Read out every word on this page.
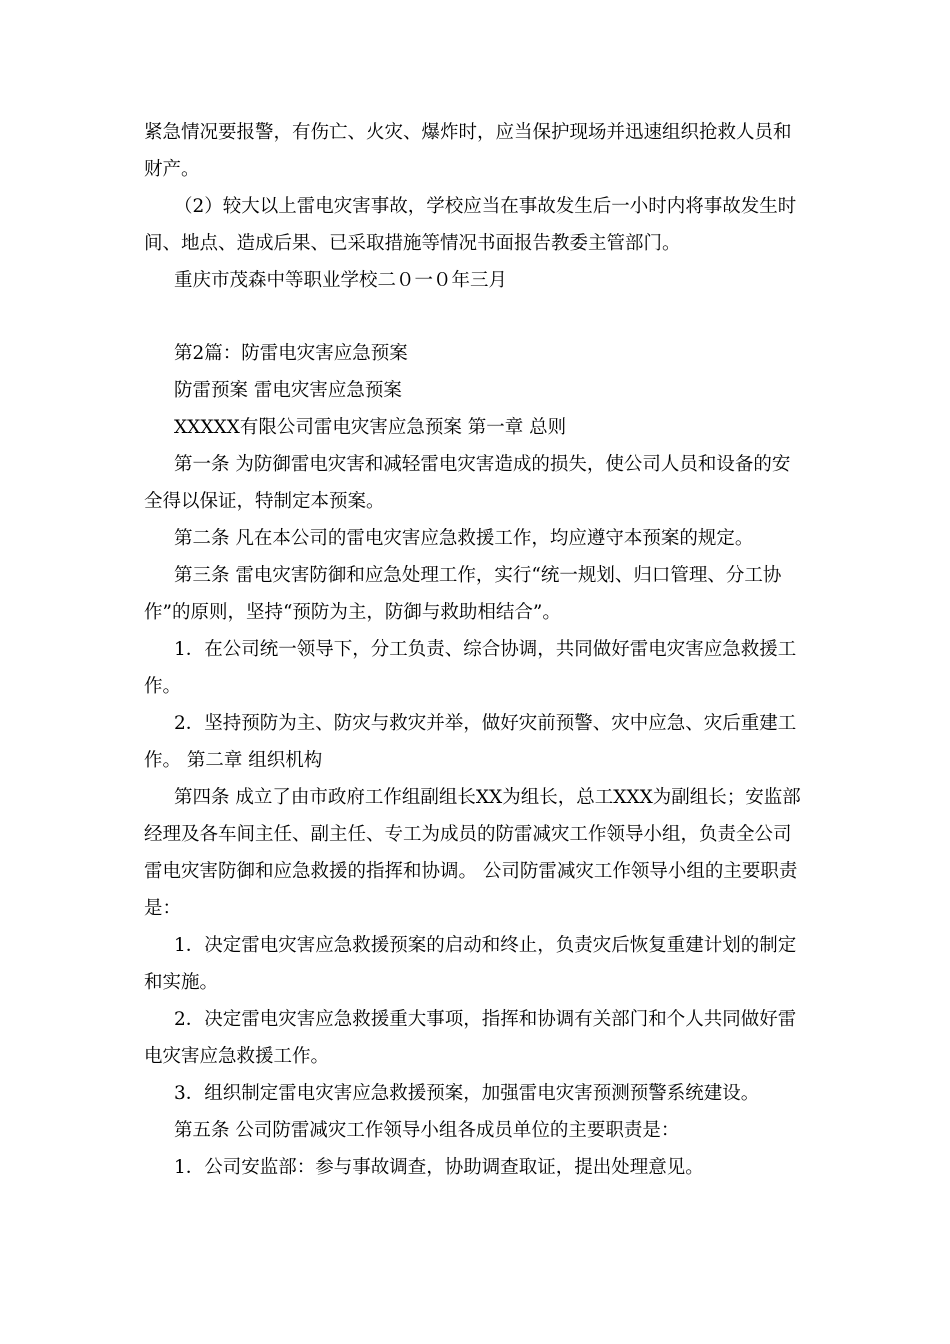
紧急情况要报警，有伤亡、火灾、爆炸时，应当保护现场并迅速组织抢救人员和财产。

（2）较大以上雷电灾害事故，学校应当在事故发生后一小时内将事故发生时间、地点、造成后果、已采取措施等情况书面报告教委主管部门。

重庆市茂森中等职业学校二０一０年三月

第2篇：防雷电灾害应急预案

防雷预案 雷电灾害应急预案

XXXXX有限公司雷电灾害应急预案 第一章 总则

第一条 为防御雷电灾害和减轻雷电灾害造成的损失，使公司人员和设备的安全得以保证，特制定本预案。

第二条 凡在本公司的雷电灾害应急救援工作，均应遵守本预案的规定。

第三条 雷电灾害防御和应急处理工作，实行“统一规划、归口管理、分工协作”的原则，坚持“预防为主，防御与救助相结合”。

1．在公司统一领导下，分工负责、综合协调，共同做好雷电灾害应急救援工作。

2．坚持预防为主、防灾与救灾并举，做好灾前预警、灾中应急、灾后重建工作。 第二章 组织机构

第四条 成立了由市政府工作组副组长XX为组长，总工XXX为副组长；安监部经理及各车间主任、副主任、专工为成员的防雷减灾工作领导小组，负责全公司雷电灾害防御和应急救援的指挥和协调。 公司防雷减灾工作领导小组的主要职责是：

1．决定雷电灾害应急救援预案的启动和终止，负责灾后恢复重建计划的制定和实施。

2．决定雷电灾害应急救援重大事项，指挥和协调有关部门和个人共同做好雷电灾害应急救援工作。

3．组织制定雷电灾害应急救援预案，加强雷电灾害预测预警系统建设。

第五条 公司防雷减灾工作领导小组各成员单位的主要职责是：

1．公司安监部：参与事故调查，协助调查取证，提出处理意见。
